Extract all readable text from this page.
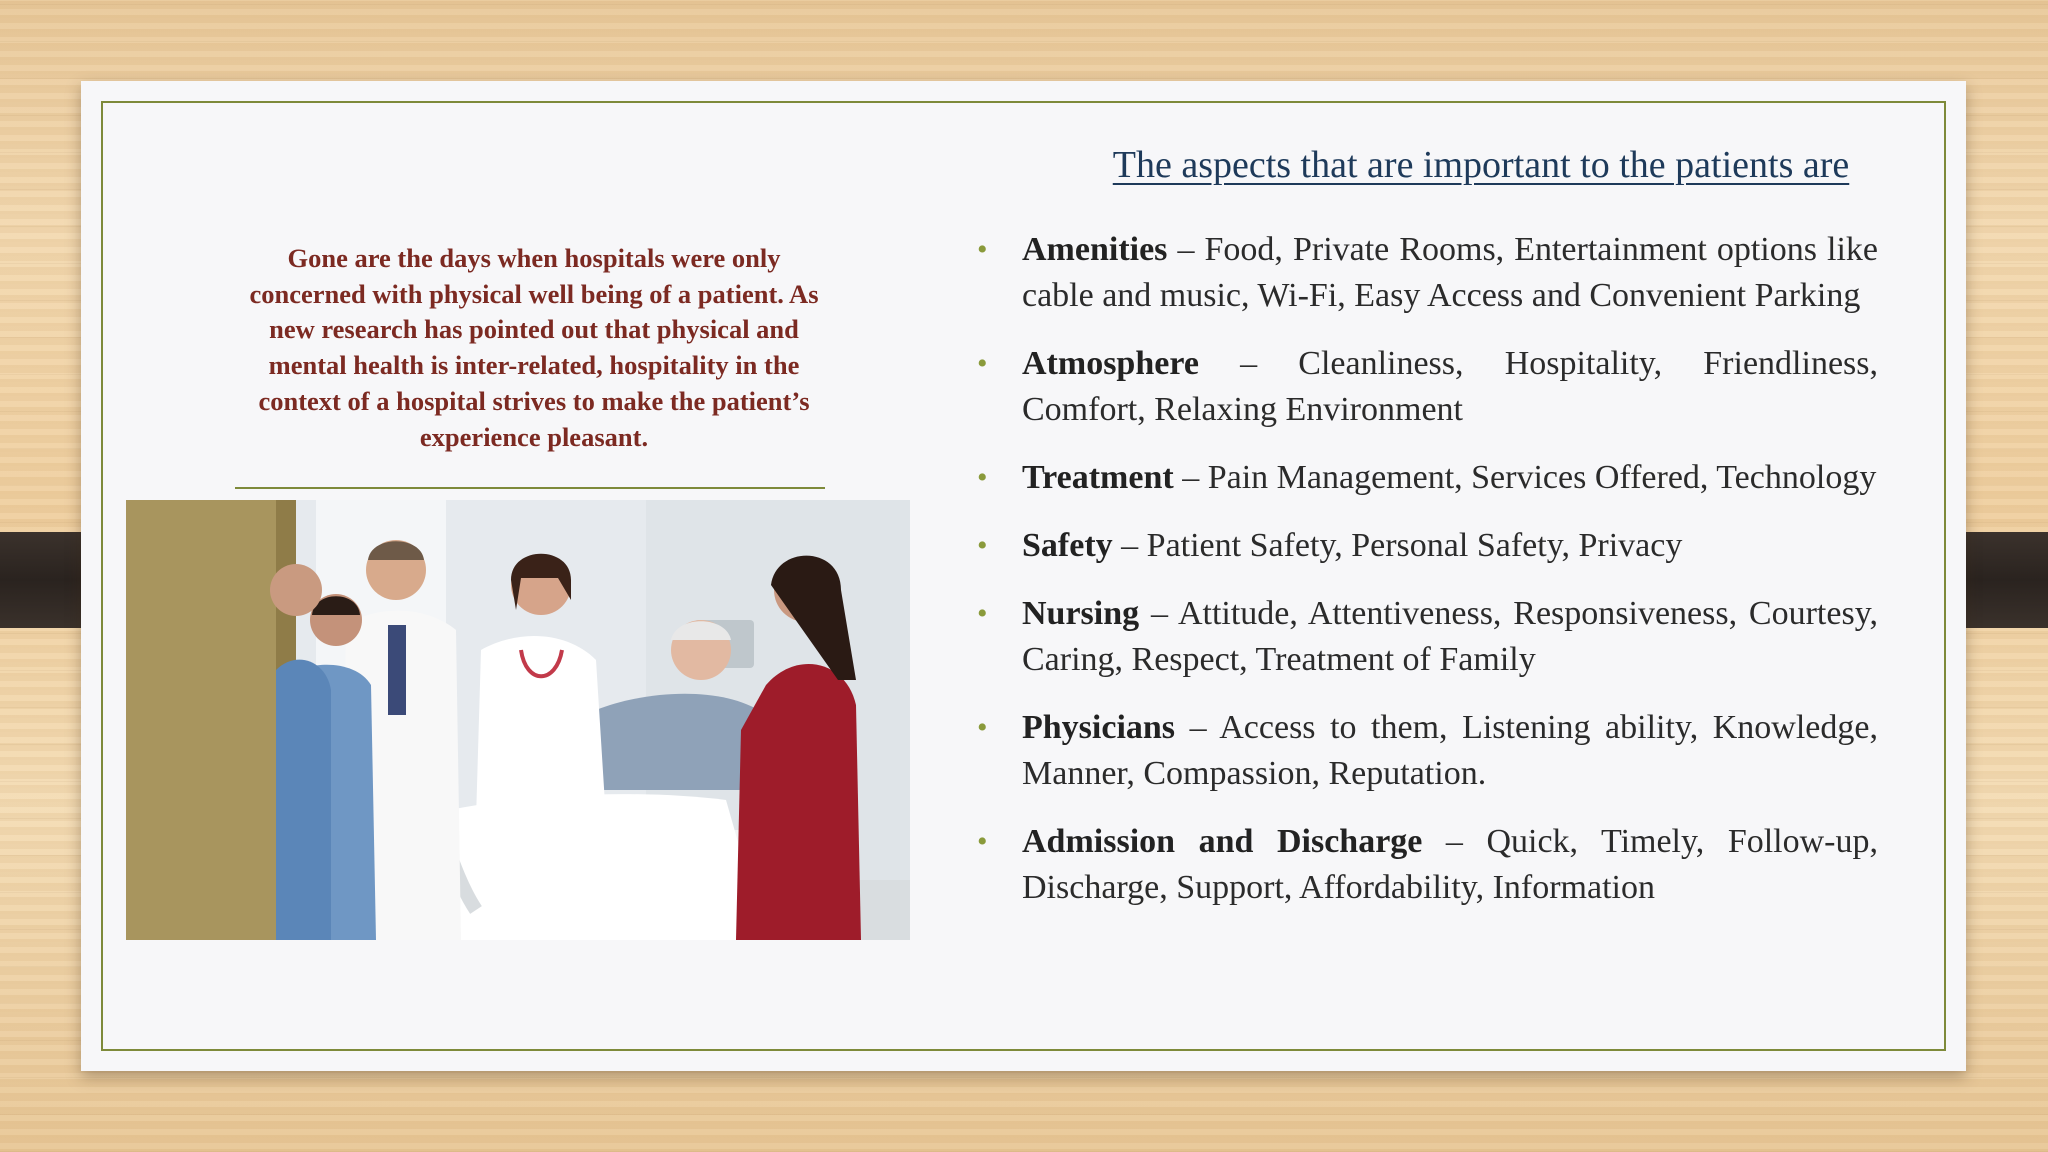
Gone are the days when hospitals were only concerned with physical well being of a patient. As new research has pointed out that physical and mental health is inter-related, hospitality in the context of a hospital strives to make the patient’s experience pleasant.
The aspects that are important to the patients are
• Amenities – Food, Private Rooms, Entertainment options like cable and music, Wi-Fi, Easy Access and Convenient Parking
• Atmosphere – Cleanliness, Hospitality, Friendliness, Comfort, Relaxing Environment
• Treatment – Pain Management, Services Offered, Technology
• Safety – Patient Safety, Personal Safety, Privacy
• Nursing – Attitude, Attentiveness, Responsiveness, Courtesy, Caring, Respect, Treatment of Family
• Physicians – Access to them, Listening ability, Knowledge, Manner, Compassion, Reputation.
• Admission and Discharge – Quick, Timely, Follow-up, Discharge, Support, Affordability, Information
